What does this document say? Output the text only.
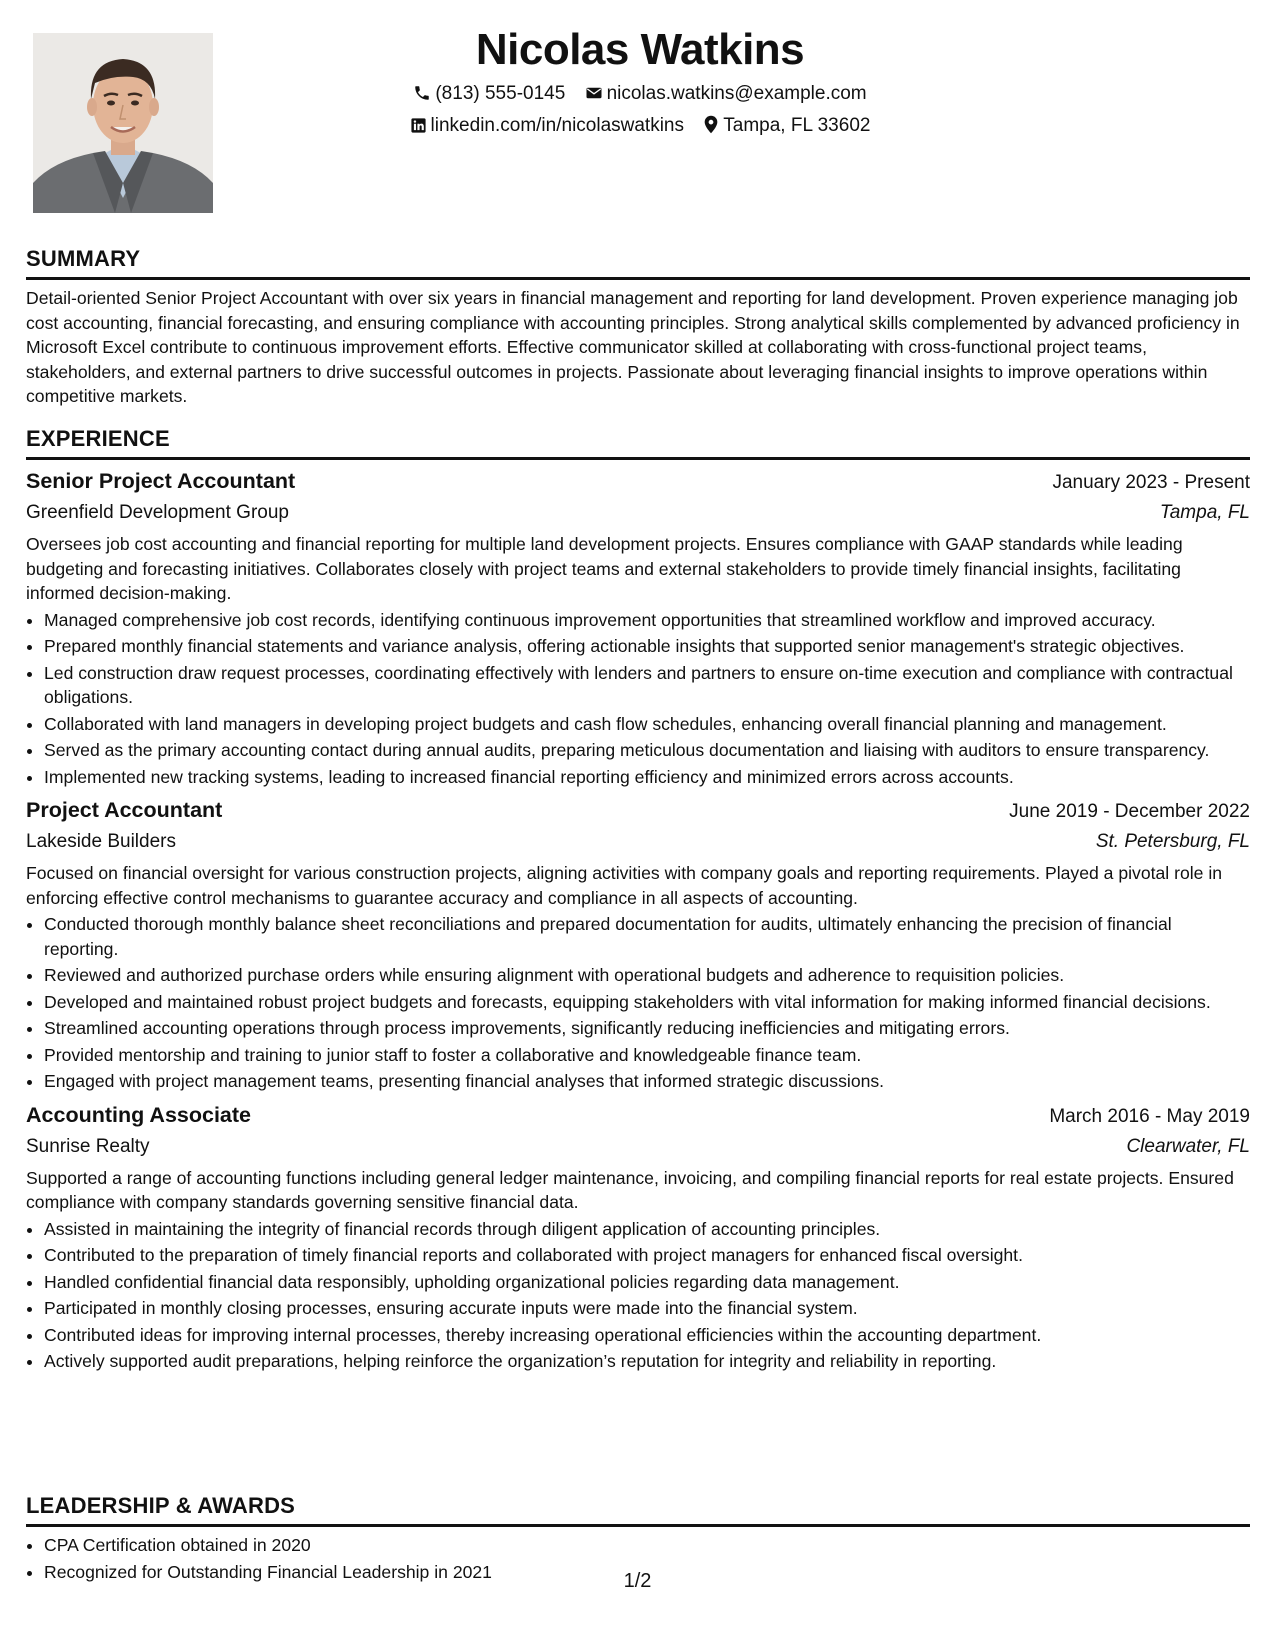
Nicolas Watkins
(813) 555-0145 nicolas.watkins@example.com
linkedin.com/in/nicolaswatkins Tampa, FL 33602
SUMMARY

Detail-oriented Senior Project Accountant with over six years in financial management and reporting for land development. Proven experience managing job cost accounting, financial forecasting, and ensuring compliance with accounting principles. Strong analytical skills complemented by advanced proficiency in Microsoft Excel contribute to continuous improvement efforts. Effective communicator skilled at collaborating with cross-functional project teams, stakeholders, and external partners to drive successful outcomes in projects. Passionate about leveraging financial insights to improve operations within competitive markets.

EXPERIENCE
Senior Project Accountant	January 2023 - Present
Greenfield Development Group	Tampa, FL

Oversees job cost accounting and financial reporting for multiple land development projects. Ensures compliance with GAAP standards while leading budgeting and forecasting initiatives. Collaborates closely with project teams and external stakeholders to provide timely financial insights, facilitating informed decision-making.

• Managed comprehensive job cost records, identifying continuous improvement opportunities that streamlined workflow and improved accuracy.
• Prepared monthly financial statements and variance analysis, offering actionable insights that supported senior management's strategic objectives.
• Led construction draw request processes, coordinating effectively with lenders and partners to ensure on-time execution and compliance with contractual obligations.
• Collaborated with land managers in developing project budgets and cash flow schedules, enhancing overall financial planning and management.
• Served as the primary accounting contact during annual audits, preparing meticulous documentation and liaising with auditors to ensure transparency.
• Implemented new tracking systems, leading to increased financial reporting efficiency and minimized errors across accounts.
Project Accountant	June 2019 - December 2022
Lakeside Builders	St. Petersburg, FL

Focused on financial oversight for various construction projects, aligning activities with company goals and reporting requirements. Played a pivotal role in enforcing effective control mechanisms to guarantee accuracy and compliance in all aspects of accounting.

• Conducted thorough monthly balance sheet reconciliations and prepared documentation for audits, ultimately enhancing the precision of financial reporting.
• Reviewed and authorized purchase orders while ensuring alignment with operational budgets and adherence to requisition policies.
• Developed and maintained robust project budgets and forecasts, equipping stakeholders with vital information for making informed financial decisions.
• Streamlined accounting operations through process improvements, significantly reducing inefficiencies and mitigating errors.
• Provided mentorship and training to junior staff to foster a collaborative and knowledgeable finance team.
• Engaged with project management teams, presenting financial analyses that informed strategic discussions.
Accounting Associate	March 2016 - May 2019
Sunrise Realty	Clearwater, FL

Supported a range of accounting functions including general ledger maintenance, invoicing, and compiling financial reports for real estate projects. Ensured compliance with company standards governing sensitive financial data.

• Assisted in maintaining the integrity of financial records through diligent application of accounting principles.
• Contributed to the preparation of timely financial reports and collaborated with project managers for enhanced fiscal oversight.
• Handled confidential financial data responsibly, upholding organizational policies regarding data management.
• Participated in monthly closing processes, ensuring accurate inputs were made into the financial system.
• Contributed ideas for improving internal processes, thereby increasing operational efficiencies within the accounting department.
• Actively supported audit preparations, helping reinforce the organization’s reputation for integrity and reliability in reporting.
LEADERSHIP & AWARDS
• CPA Certification obtained in 2020
• Recognized for Outstanding Financial Leadership in 2021	1/2
